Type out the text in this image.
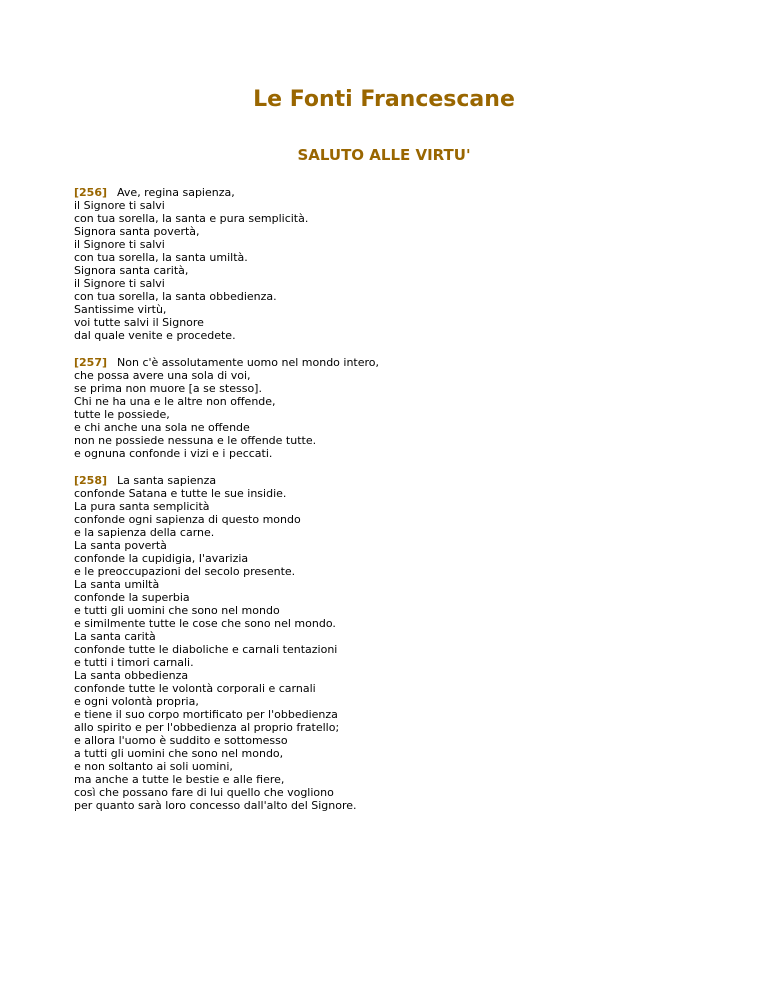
Le Fonti Francescane
SALUTO ALLE VIRTU'

[256] Ave, regina sapienza,
il Signore ti salvi
con tua sorella, la santa e pura semplicità.
Signora santa povertà,
il Signore ti salvi
con tua sorella, la santa umiltà.
Signora santa carità,
il Signore ti salvi
con tua sorella, la santa obbedienza.
Santissime virtù,
voi tutte salvi il Signore
dal quale venite e procedete.

[257] Non c'è assolutamente uomo nel mondo intero,
che possa avere una sola di voi,
se prima non muore [a se stesso].
Chi ne ha una e le altre non offende,
tutte le possiede,
e chi anche una sola ne offende
non ne possiede nessuna e le offende tutte.
e ognuna confonde i vizi e i peccati.

[258] La santa sapienza
confonde Satana e tutte le sue insidie.
La pura santa semplicità
confonde ogni sapienza di questo mondo
e la sapienza della carne.
La santa povertà
confonde la cupidigia, I'avarizia
e le preoccupazioni del secolo presente.
La santa umiltà
confonde la superbia
e tutti gli uomini che sono nel mondo
e similmente tutte le cose che sono nel mondo.
La santa carità
confonde tutte le diaboliche e carnali tentazioni
e tutti i timori carnali.
La santa obbedienza
confonde tutte le volontà corporali e carnali
e ogni volontà propria,
e tiene il suo corpo mortificato per l'obbedienza
allo spirito e per l'obbedienza al proprio fratello;
e allora l'uomo è suddito e sottomesso
a tutti gli uomini che sono nel mondo,
e non soltanto ai soli uomini,
ma anche a tutte le bestie e alle fiere,
così che possano fare di lui quello che vogliono
per quanto sarà loro concesso dall'alto del Signore.
